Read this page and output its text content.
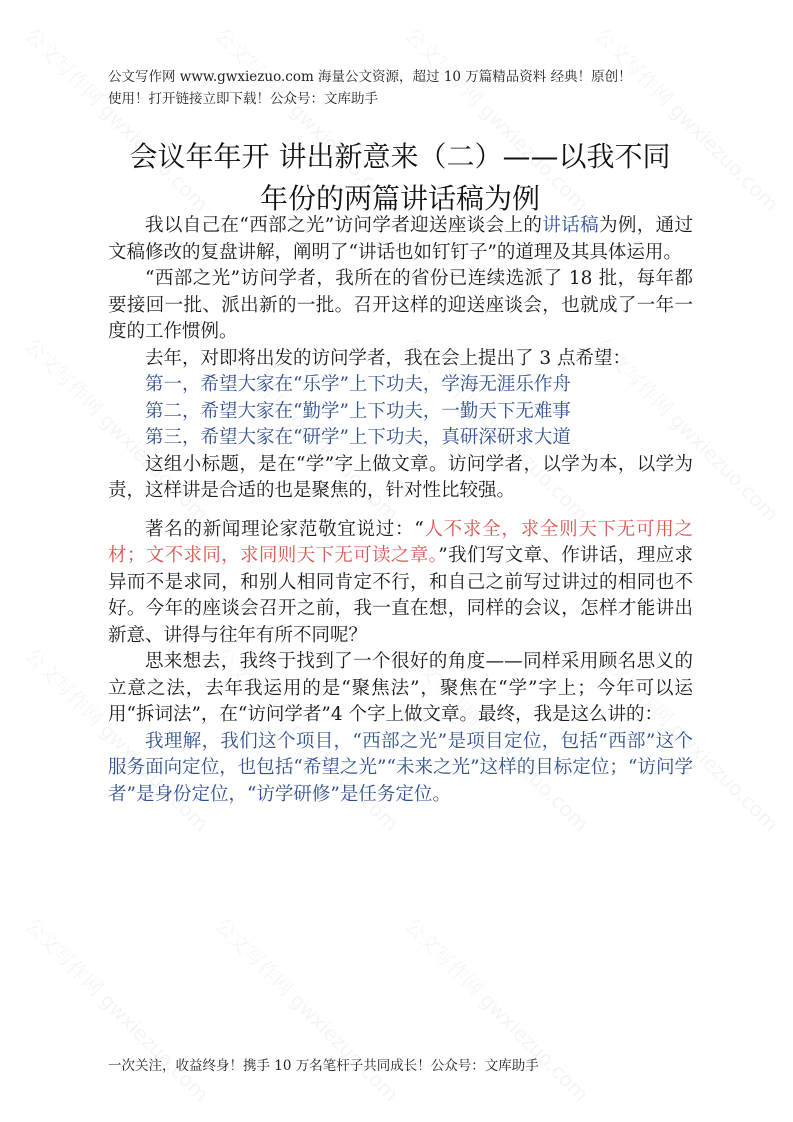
公文写作网 www.gwxiezuo.com 海量公文资源，超过 10 万篇精品资料 经典！原创！
使用！打开链接立即下载！公众号：文库助手
会议年年开 讲出新意来（二）——以我不同
年份的两篇讲话稿为例

我以自己在“西部之光”访问学者迎送座谈会上的讲话稿为例，通过文稿修改的复盘讲解，阐明了“讲话也如钉钉子”的道理及其具体运用。

“西部之光”访问学者，我所在的省份已连续选派了 18 批，每年都要接回一批、派出新的一批。召开这样的迎送座谈会，也就成了一年一度的工作惯例。

去年，对即将出发的访问学者，我在会上提出了 3 点希望：

第一，希望大家在“乐学”上下功夫，学海无涯乐作舟

第二，希望大家在“勤学”上下功夫，一勤天下无难事

第三，希望大家在“研学”上下功夫，真研深研求大道

这组小标题，是在“学”字上做文章。访问学者，以学为本，以学为责，这样讲是合适的也是聚焦的，针对性比较强。

著名的新闻理论家范敬宜说过：“人不求全，求全则天下无可用之材；文不求同，求同则天下无可读之章。”我们写文章、作讲话，理应求异而不是求同，和别人相同肯定不行，和自己之前写过讲过的相同也不好。今年的座谈会召开之前，我一直在想，同样的会议，怎样才能讲出新意、讲得与往年有所不同呢？

思来想去，我终于找到了一个很好的角度——同样采用顾名思义的立意之法，去年我运用的是“聚焦法”，聚焦在“学”字上；今年可以运用“拆词法”，在“访问学者”4 个字上做文章。最终，我是这么讲的：

我理解，我们这个项目，“西部之光”是项目定位，包括“西部”这个服务面向定位，也包括“希望之光”“未来之光”这样的目标定位；“访问学者”是身份定位，“访学研修”是任务定位。

一次关注，收益终身！携手 10 万名笔杆子共同成长！公众号：文库助手
